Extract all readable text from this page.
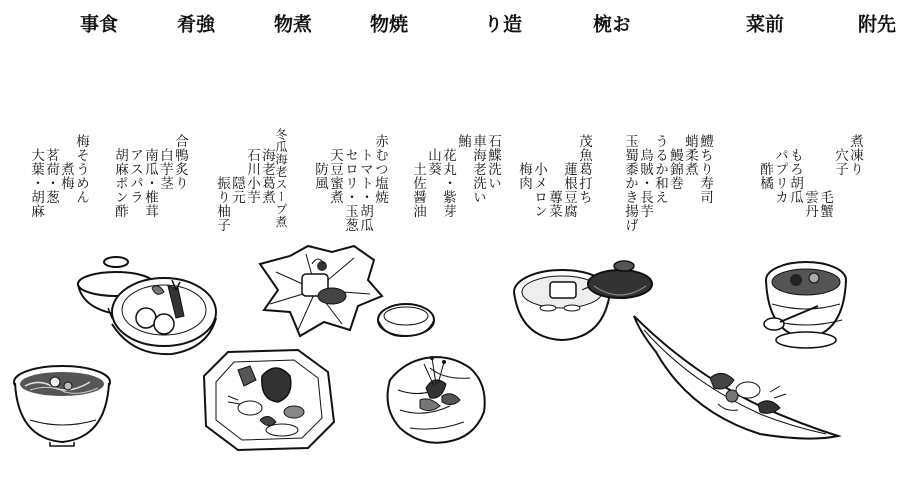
先附
前菜
お椀
造り
焼物
煮物
強肴
食事
煮凍り
穴子
毛蟹
雲丹
もろ胡瓜
パプリカ
酢橘
鱧ちり寿司
蛸柔煮
鰻錦巻
うるか和え
烏賊・長芋
玉蜀黍かき揚げ
茂魚葛打ち
蓮根豆腐
蓴菜
小メロン
梅肉
石鰈洗い
車海老洗い
鮪
花丸・紫芽
山葵
土佐醤油
赤むつ塩焼
トマト・胡瓜
セロリ・玉葱
天豆蜜煮
防風
冬瓜海老スープ煮
海老葛煮
石川小芋
隠元
振り柚子
合鴨炙り
白芋茎
南瓜・椎茸
アスパラ
胡麻ポン酢
梅そうめん
煮梅
茗荷・葱
大葉・胡麻
